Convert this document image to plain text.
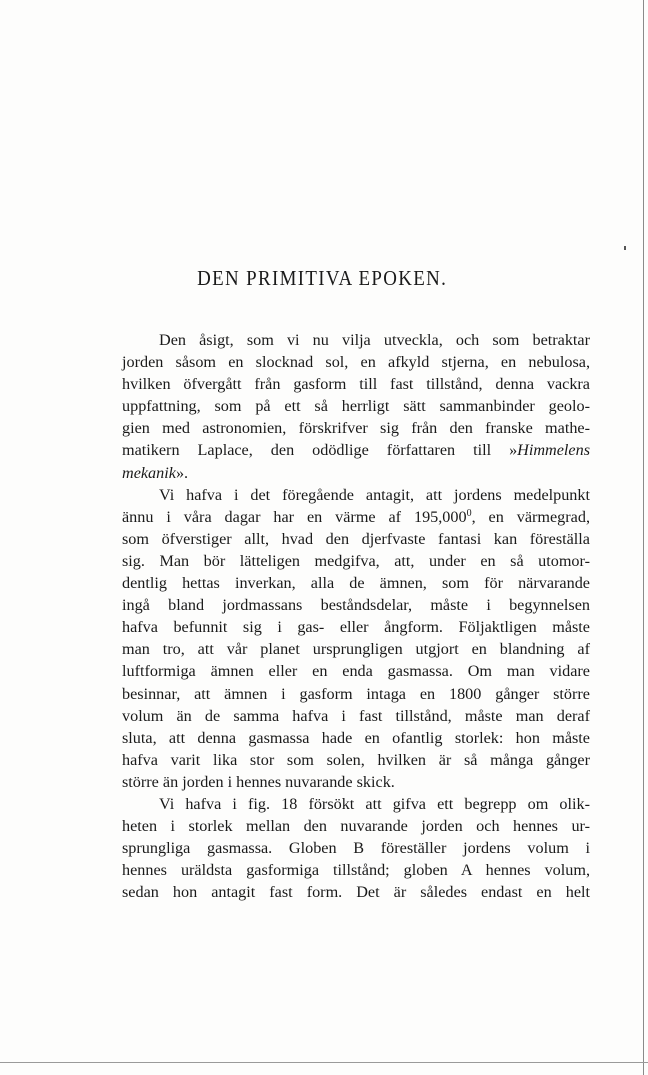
DEN PRIMITIVA EPOKEN.
Den åsigt, som vi nu vilja utveckla, och som betraktar
jorden såsom en slocknad sol, en afkyld stjerna, en nebulosa,
hvilken öfvergått från gasform till fast tillstånd, denna vackra
uppfattning, som på ett så herrligt sätt sammanbinder geolo-
gien med astronomien, förskrifver sig från den franske mathe-
matikern Laplace, den odödlige författaren till »Himmelens
mekanik».
Vi hafva i det föregående antagit, att jordens medelpunkt
ännu i våra dagar har en värme af 195,000$^0$, en värmegrad,
som öfverstiger allt, hvad den djerfvaste fantasi kan föreställa
sig. Man bör lätteligen medgifva, att, under en så utomor-
dentlig hettas inverkan, alla de ämnen, som för närvarande
ingå bland jordmassans beståndsdelar, måste i begynnelsen
hafva befunnit sig i gas- eller ångform. Följaktligen måste
man tro, att vår planet ursprungligen utgjort en blandning af
luftformiga ämnen eller en enda gasmassa. Om man vidare
besinnar, att ämnen i gasform intaga en 1800 gånger större
volum än de samma hafva i fast tillstånd, måste man deraf
sluta, att denna gasmassa hade en ofantlig storlek: hon måste
hafva varit lika stor som solen, hvilken är så många gånger
större än jorden i hennes nuvarande skick.
Vi hafva i fig. 18 försökt att gifva ett begrepp om olik-
heten i storlek mellan den nuvarande jorden och hennes ur-
sprungliga gasmassa. Globen B föreställer jordens volum i
hennes uräldsta gasformiga tillstånd; globen A hennes volum,
sedan hon antagit fast form. Det är således endast en helt
